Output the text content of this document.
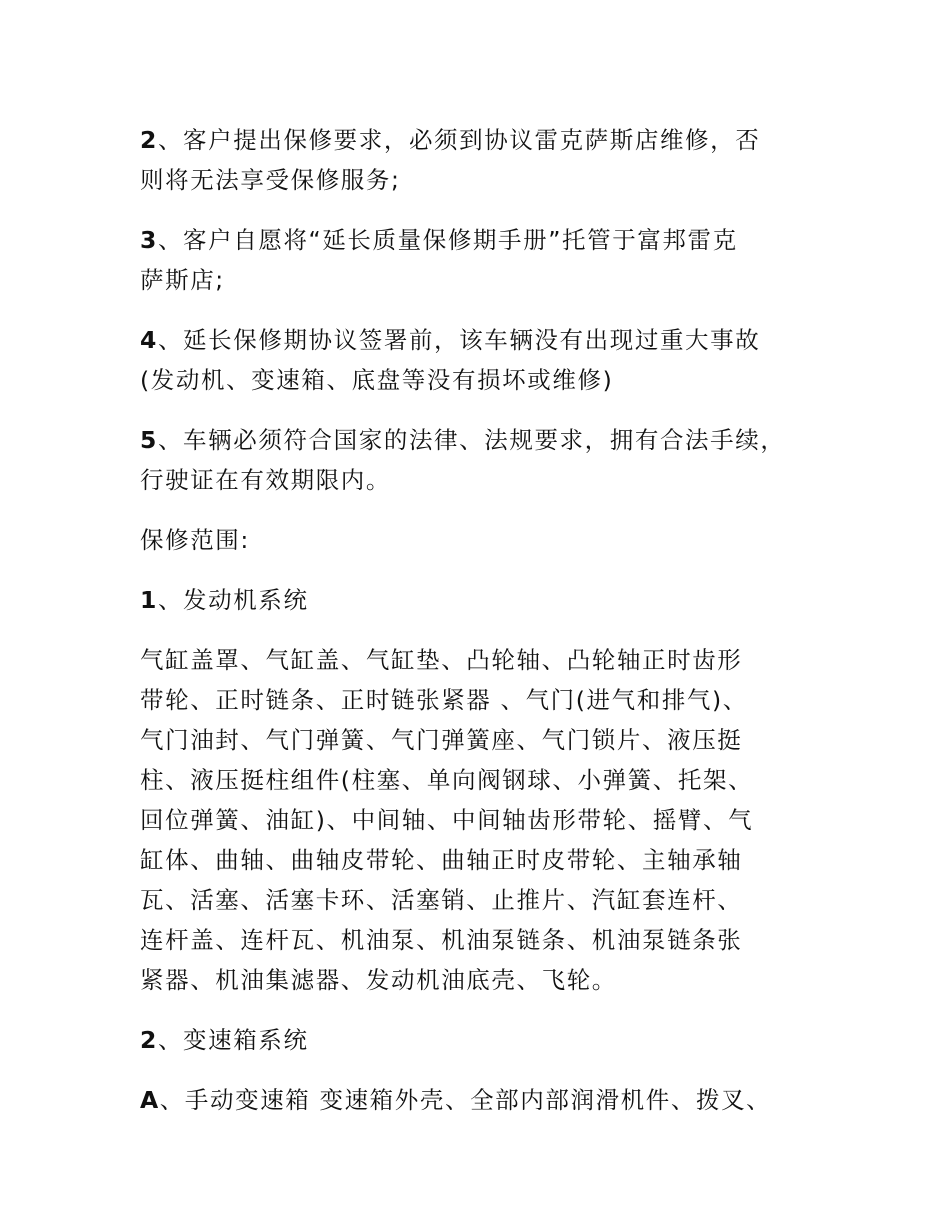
2、客户提出保修要求，必须到协议雷克萨斯店维修，否
则将无法享受保修服务;

3、客户自愿将“延长质量保修期手册”托管于富邦雷克
萨斯店;

4、延长保修期协议签署前，该车辆没有出现过重大事故
(发动机、变速箱、底盘等没有损坏或维修)

5、车辆必须符合国家的法律、法规要求，拥有合法手续，
行驶证在有效期限内。

保修范围:

1、发动机系统

气缸盖罩、气缸盖、气缸垫、凸轮轴、凸轮轴正时齿形
带轮、正时链条、正时链张紧器 、气门(进气和排气)、
气门油封、气门弹簧、气门弹簧座、气门锁片、液压挺
柱、液压挺柱组件(柱塞、单向阀钢球、小弹簧、托架、
回位弹簧、油缸)、中间轴、中间轴齿形带轮、摇臂、气
缸体、曲轴、曲轴皮带轮、曲轴正时皮带轮、主轴承轴
瓦、活塞、活塞卡环、活塞销、止推片、汽缸套连杆、
连杆盖、连杆瓦、机油泵、机油泵链条、机油泵链条张
紧器、机油集滤器、发动机油底壳、飞轮。

2、变速箱系统

A、手动变速箱 变速箱外壳、全部内部润滑机件、拨叉、
